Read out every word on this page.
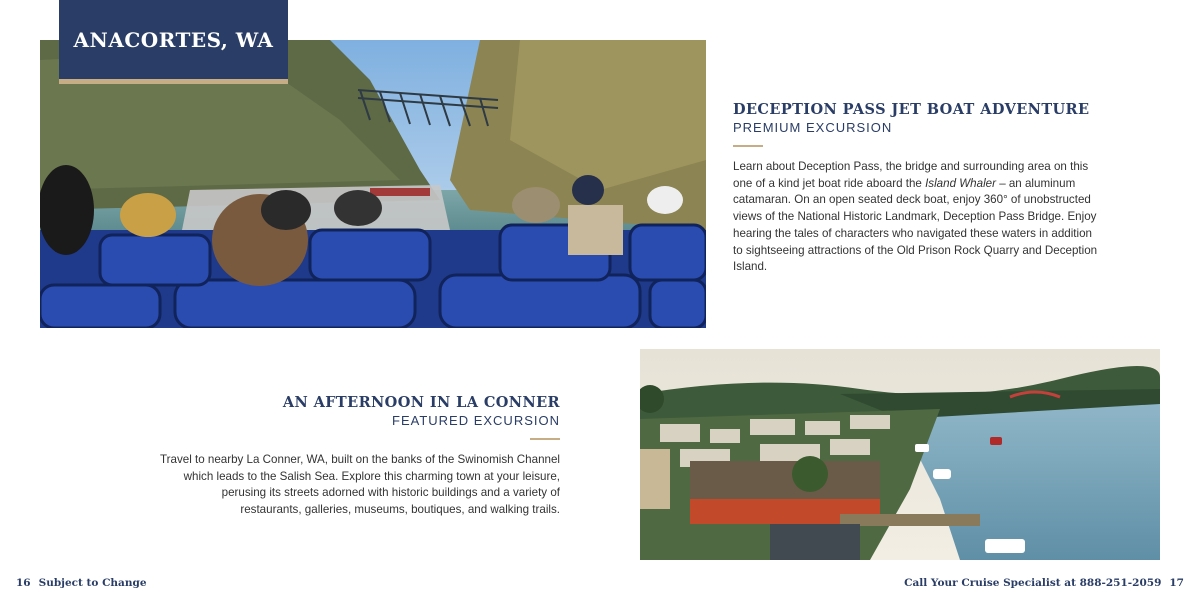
ANACORTES, WA
DECEPTION PASS JET BOAT ADVENTURE
PREMIUM EXCURSION

Learn about Deception Pass, the bridge and surrounding area on this one of a kind jet boat ride aboard the Island Whaler – an aluminum catamaran. On an open seated deck boat, enjoy 360° of unobstructed views of the National Historic Landmark, Deception Pass Bridge. Enjoy hearing the tales of characters who navigated these waters in addition to sightseeing attractions of the Old Prison Rock Quarry and Deception Island.

AN AFTERNOON IN LA CONNER
FEATURED EXCURSION

Travel to nearby La Conner, WA, built on the banks of the Swinomish Channel which leads to the Salish Sea. Explore this charming town at your leisure, perusing its streets adorned with historic buildings and a variety of restaurants, galleries, museums, boutiques, and walking trails.

16 Subject to Change	Call Your Cruise Specialist at 888-251-2059 17
